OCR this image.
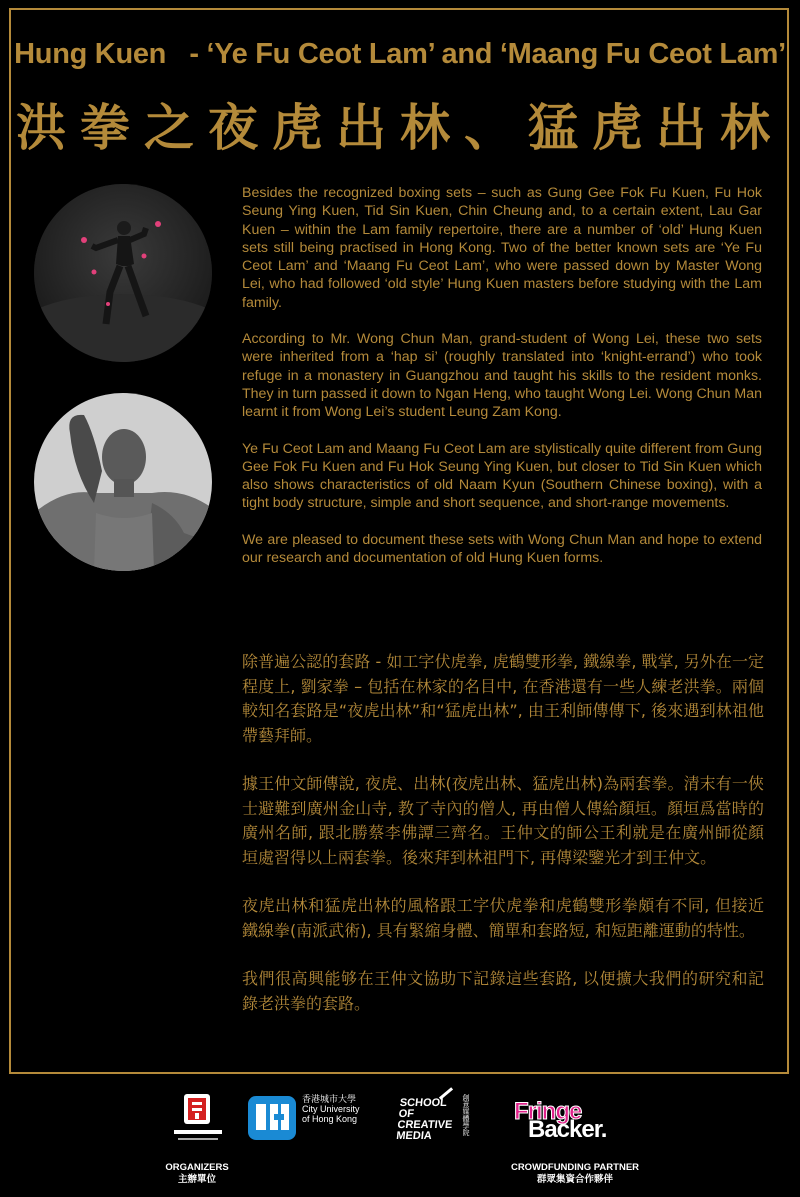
Hung Kuen   - ‘Ye Fu Ceot Lam’ and ‘Maang Fu Ceot Lam’
洪拳之夜虎出林、猛虎出林

Besides the recognized boxing sets – such as Gung Gee Fok Fu Kuen, Fu Hok Seung Ying Kuen, Tid Sin Kuen, Chin Cheung and, to a certain extent, Lau Gar Kuen – within the Lam family repertoire, there are a number of ‘old’ Hung Kuen sets still being practised in Hong Kong. Two of the better known sets are ‘Ye Fu Ceot Lam’ and ‘Maang Fu Ceot Lam’, who were passed down by Master Wong Lei, who had followed ‘old style’ Hung Kuen masters before studying with the Lam family.

According to Mr. Wong Chun Man, grand-student of Wong Lei, these two sets were inherited from a ‘hap si’ (roughly translated into ‘knight-errand’) who took refuge in a monastery in Guangzhou and taught his skills to the resident monks. They in turn passed it down to Ngan Heng, who taught Wong Lei. Wong Chun Man learnt it from Wong Lei’s student Leung Zam Kong.

Ye Fu Ceot Lam and Maang Fu Ceot Lam are stylistically quite different from Gung Gee Fok Fu Kuen and Fu Hok Seung Ying Kuen, but closer to Tid Sin Kuen which also shows characteristics of old Naam Kyun (Southern Chinese boxing), with a tight body structure, simple and short sequence, and short-range movements.

We are pleased to document these sets with Wong Chun Man and hope to extend our research and documentation of old Hung Kuen forms.

除普遍公認的套路 - 如工字伏虎拳, 虎鶴雙形拳, 鐵線拳, 戰掌, 另外在一定程度上, 劉家拳 – 包括在林家的名目中, 在香港還有一些人練老洪拳。兩個較知名套路是“夜虎出林”和“猛虎出林”, 由王利師傳傳下, 後來遇到林祖他帶藝拜師。

據王仲文師傳說, 夜虎、出林(夜虎出林、猛虎出林)為兩套拳。清末有一俠士避難到廣州金山寺, 教了寺內的僧人, 再由僧人傳給顏垣。顏垣爲當時的廣州名師, 跟北勝蔡李佛譚三齊名。王仲文的師公王利就是在廣州師從顏垣處習得以上兩套拳。後來拜到林祖門下, 再傳梁鑒光才到王仲文。

夜虎出林和猛虎出林的風格跟工字伏虎拳和虎鶴雙形拳頗有不同, 但接近鐵線拳(南派武術), 具有緊縮身體、簡單和套路短, 和短距離運動的特性。

我們很高興能够在王仲文協助下記錄這些套路, 以便擴大我們的研究和記錄老洪拳的套路。

ORGANIZERS
主辦單位
香港城市大學
City University
of Hong Kong
SCHOOL
OF
CREATIVE
MEDIA	創意媒體學院 Fringe
Backer.
CROWDFUNDING PARTNER
群眾集資合作夥伴
